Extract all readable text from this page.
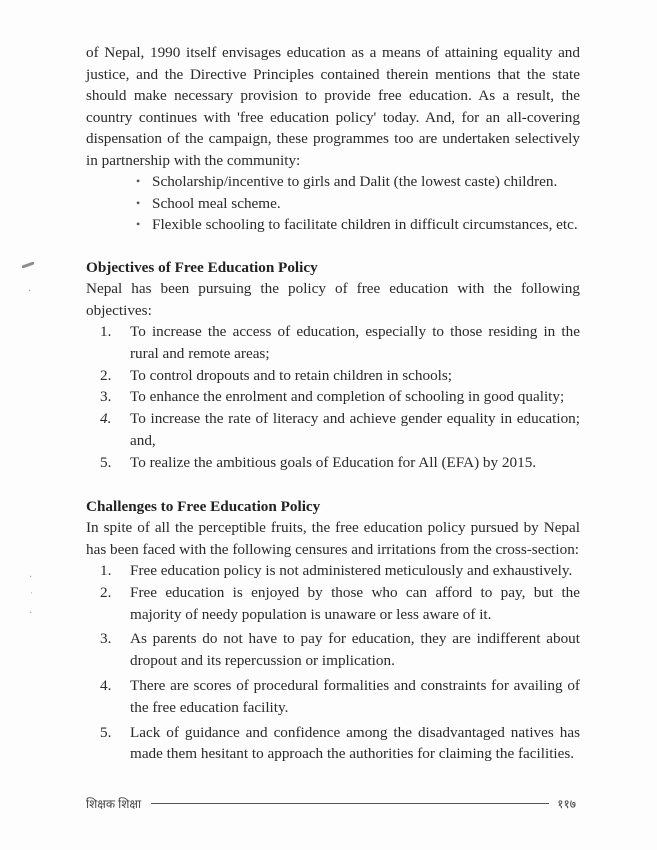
·
·
ˈ
·

of Nepal, 1990 itself envisages education as a means of attaining equality and justice, and the Directive Principles contained therein mentions that the state should make necessary provision to provide free education. As a result, the country continues with 'free education policy' today. And, for an all-covering dispensation of the campaign, these programmes too are undertaken selectively in partnership with the community:

• Scholarship/incentive to girls and Dalit (the lowest caste) children.
• School meal scheme.
• Flexible schooling to facilitate children in difficult circumstances, etc.
Objectives of Free Education Policy

Nepal has been pursuing the policy of free education with the following objectives:

1. To increase the access of education, especially to those residing in the rural and remote areas;
2. To control dropouts and to retain children in schools;
3. To enhance the enrolment and completion of schooling in good quality;
4. To increase the rate of literacy and achieve gender equality in education; and,
5. To realize the ambitious goals of Education for All (EFA) by 2015.
Challenges to Free Education Policy

In spite of all the perceptible fruits, the free education policy pursued by Nepal has been faced with the following censures and irritations from the cross-section:

1. Free education policy is not administered meticulously and exhaustively.
2. Free education is enjoyed by those who can afford to pay, but the majority of needy population is unaware or less aware of it.
3. As parents do not have to pay for education, they are indifferent about dropout and its repercussion or implication.
4. There are scores of procedural formalities and constraints for availing of the free education facility.
5. Lack of guidance and confidence among the disadvantaged natives has made them hesitant to approach the authorities for claiming the facilities.
शिक्षक शिक्षा	११७
